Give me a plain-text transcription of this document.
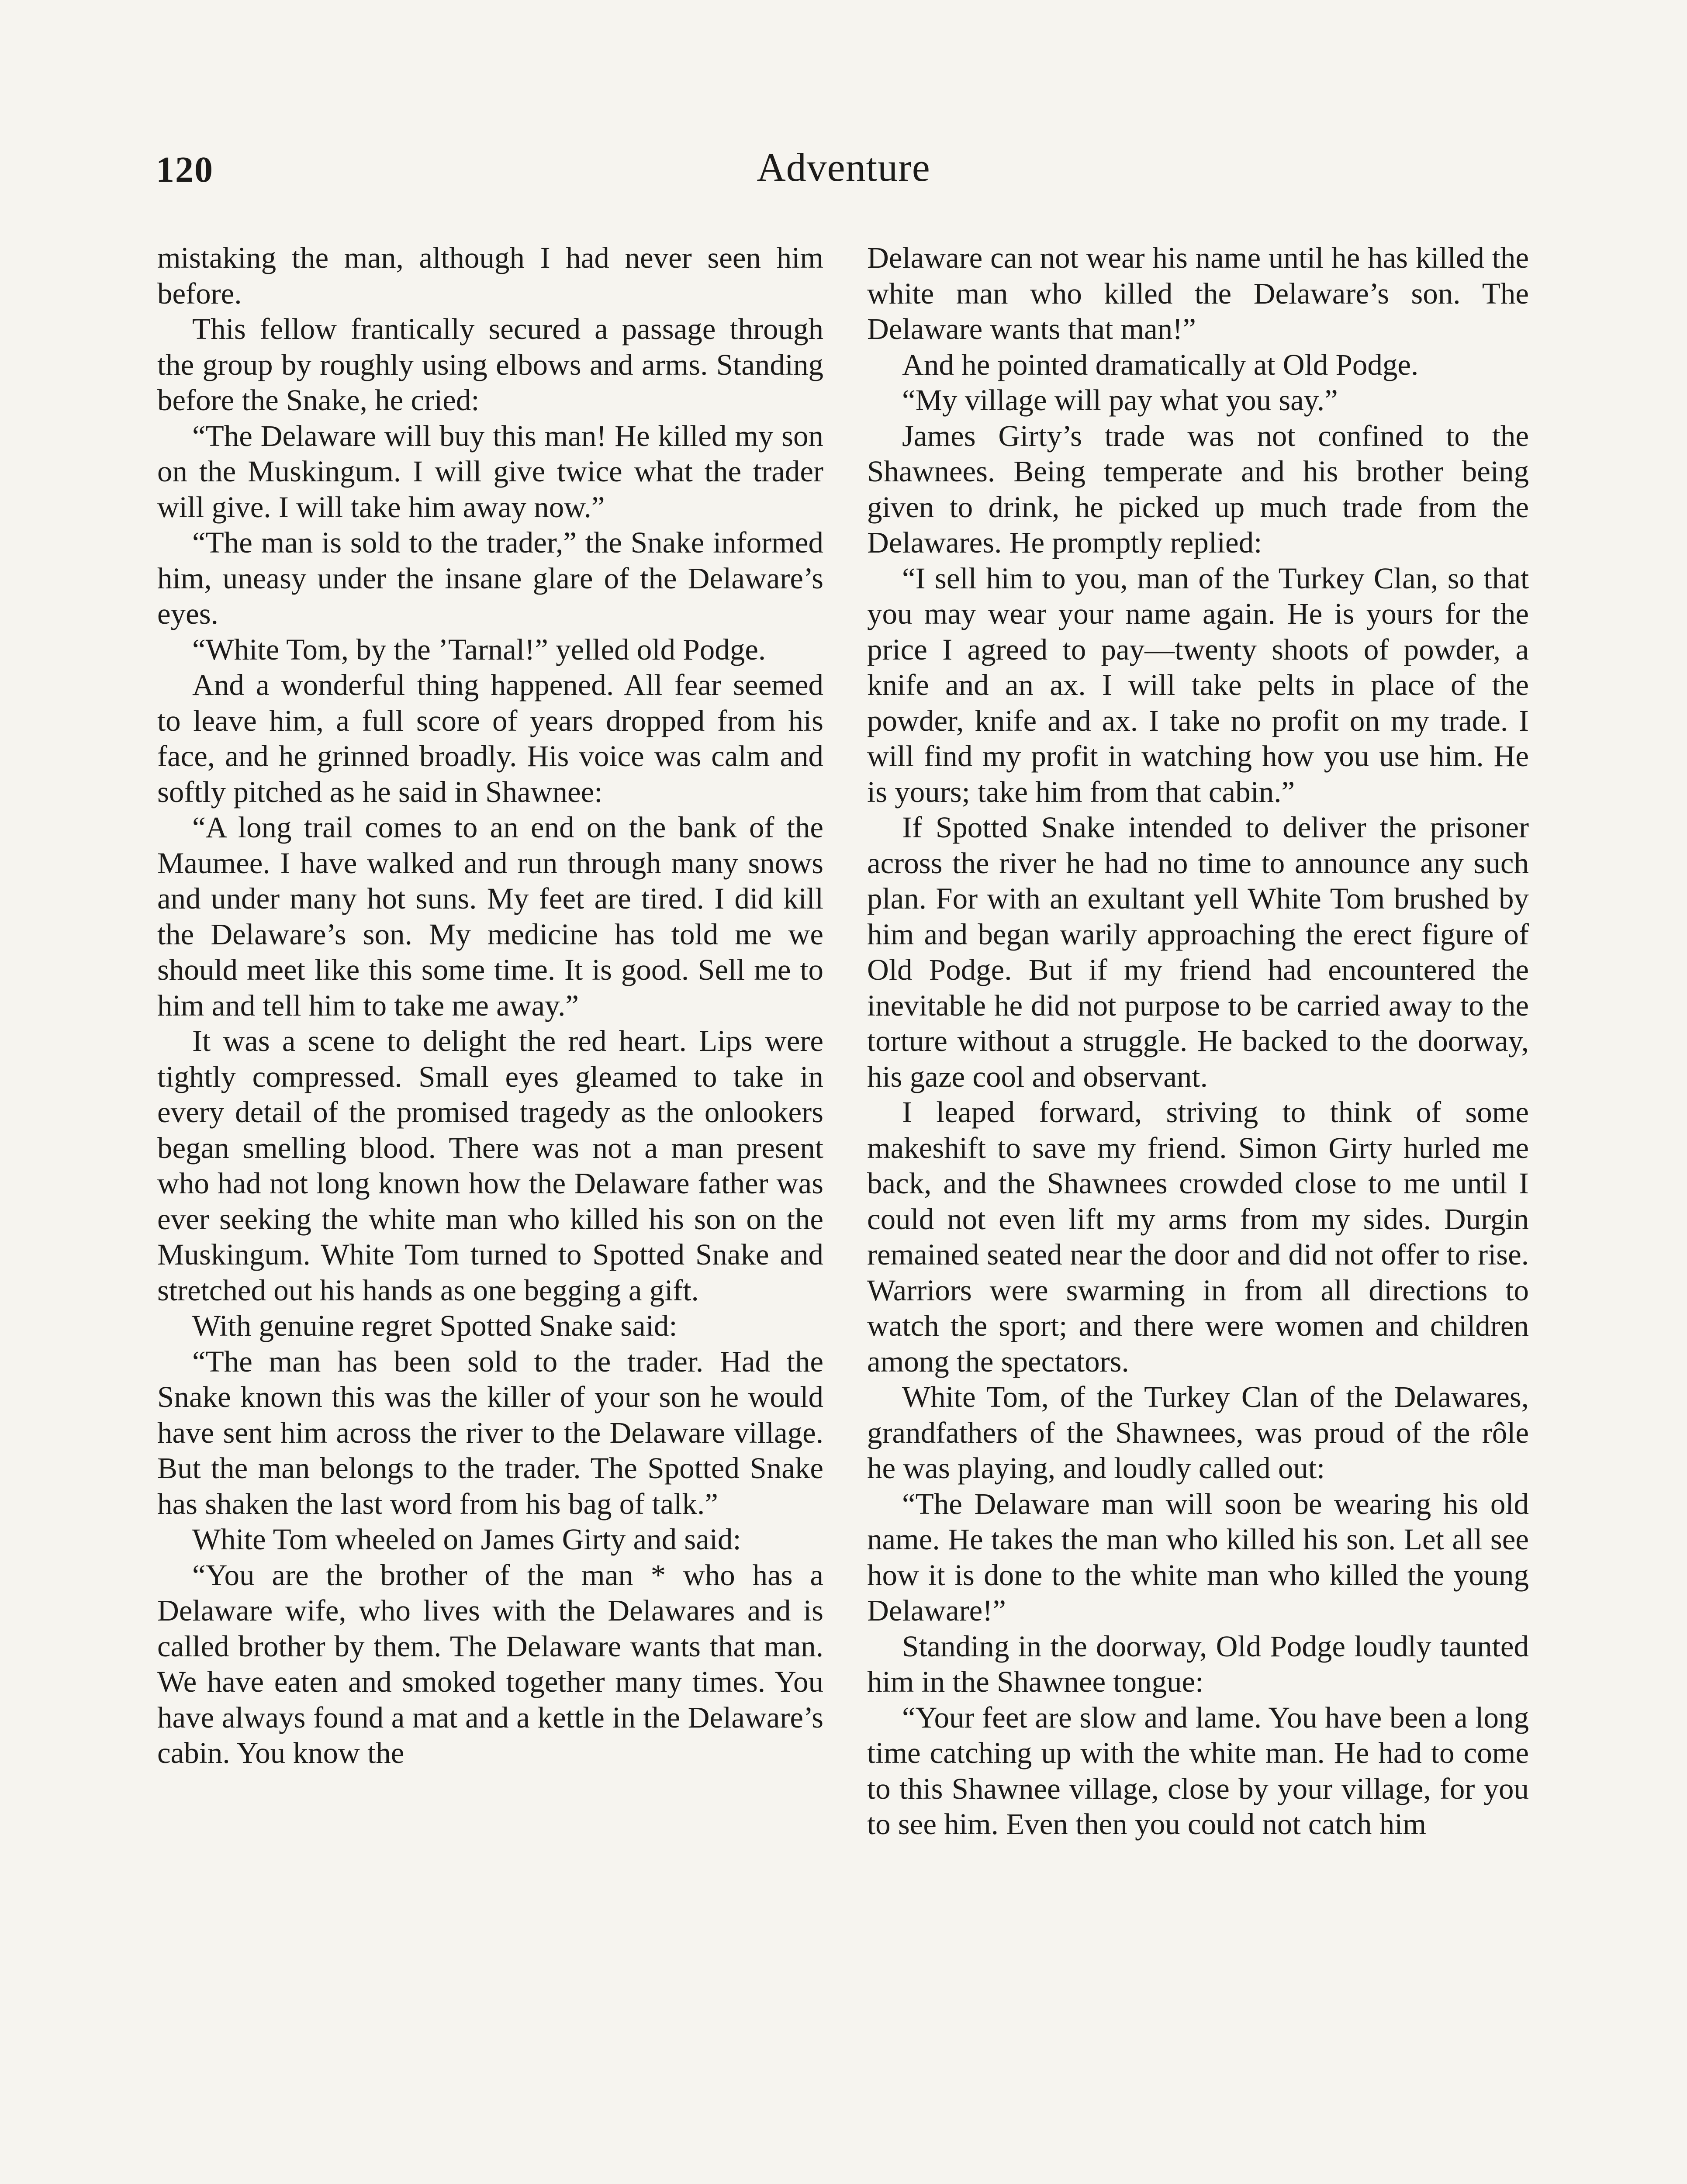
120	Adventure

mistaking the man, although I had never seen him before.

This fellow frantically secured a passage through the group by roughly using elbows and arms. Standing before the Snake, he cried:

“The Delaware will buy this man! He killed my son on the Muskingum. I will give twice what the trader will give. I will take him away now.”

“The man is sold to the trader,” the Snake informed him, uneasy under the insane glare of the Delaware’s eyes.

“White Tom, by the ’Tarnal!” yelled old Podge.

And a wonderful thing happened. All fear seemed to leave him, a full score of years dropped from his face, and he grinned broadly. His voice was calm and softly pitched as he said in Shawnee:

“A long trail comes to an end on the bank of the Maumee. I have walked and run through many snows and under many hot suns. My feet are tired. I did kill the Delaware’s son. My medicine has told me we should meet like this some time. It is good. Sell me to him and tell him to take me away.”

It was a scene to delight the red heart. Lips were tightly compressed. Small eyes gleamed to take in every detail of the promised tragedy as the onlookers began smelling blood. There was not a man present who had not long known how the Delaware father was ever seeking the white man who killed his son on the Muskingum. White Tom turned to Spotted Snake and stretched out his hands as one begging a gift.

With genuine regret Spotted Snake said:

“The man has been sold to the trader. Had the Snake known this was the killer of your son he would have sent him across the river to the Delaware village. But the man belongs to the trader. The Spotted Snake has shaken the last word from his bag of talk.”

White Tom wheeled on James Girty and said:

“You are the brother of the man * who has a Delaware wife, who lives with the Delawares and is called brother by them. The Delaware wants that man. We have eaten and smoked together many times. You have always found a mat and a kettle in the Delaware’s cabin. You know the

Delaware can not wear his name until he has killed the white man who killed the Delaware’s son. The Delaware wants that man!”

And he pointed dramatically at Old Podge.

“My village will pay what you say.”

James Girty’s trade was not confined to the Shawnees. Being temperate and his brother being given to drink, he picked up much trade from the Delawares. He promptly replied:

“I sell him to you, man of the Turkey Clan, so that you may wear your name again. He is yours for the price I agreed to pay—twenty shoots of powder, a knife and an ax. I will take pelts in place of the powder, knife and ax. I take no profit on my trade. I will find my profit in watching how you use him. He is yours; take him from that cabin.”

If Spotted Snake intended to deliver the prisoner across the river he had no time to announce any such plan. For with an exultant yell White Tom brushed by him and began warily approaching the erect figure of Old Podge. But if my friend had encountered the inevitable he did not purpose to be carried away to the torture without a struggle. He backed to the doorway, his gaze cool and observant.

I leaped forward, striving to think of some makeshift to save my friend. Simon Girty hurled me back, and the Shawnees crowded close to me until I could not even lift my arms from my sides. Durgin remained seated near the door and did not offer to rise. Warriors were swarming in from all directions to watch the sport; and there were women and children among the spectators.

White Tom, of the Turkey Clan of the Delawares, grandfathers of the Shawnees, was proud of the rôle he was playing, and loudly called out:

“The Delaware man will soon be wearing his old name. He takes the man who killed his son. Let all see how it is done to the white man who killed the young Delaware!”

Standing in the doorway, Old Podge loudly taunted him in the Shawnee tongue:

“Your feet are slow and lame. You have been a long time catching up with the white man. He had to come to this Shawnee village, close by your village, for you to see him. Even then you could not catch him
